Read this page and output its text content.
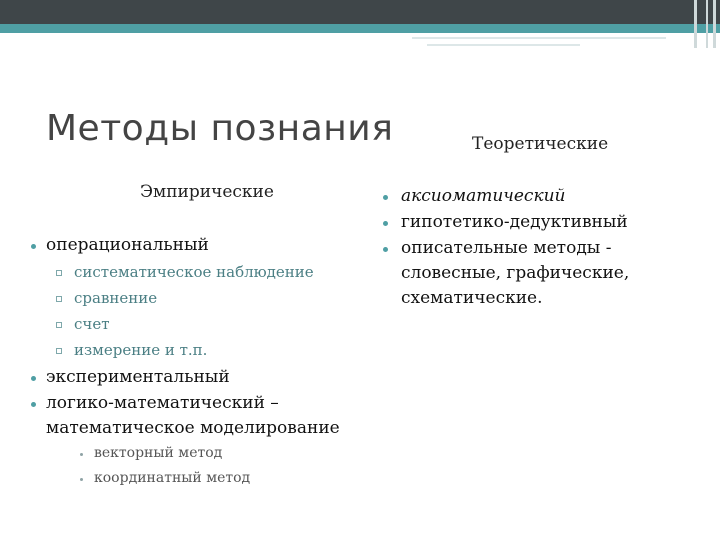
Методы познания
Эмпирические
Теоретические
операциональный
систематическое наблюдение
сравнение
счет
измерение и т.п.
экспериментальный
логико-математический –
математическое моделирование
векторный метод
координатный метод
аксиоматический
гипотетико-дедуктивный
описательные методы -
словесные, графические,
схематические.
